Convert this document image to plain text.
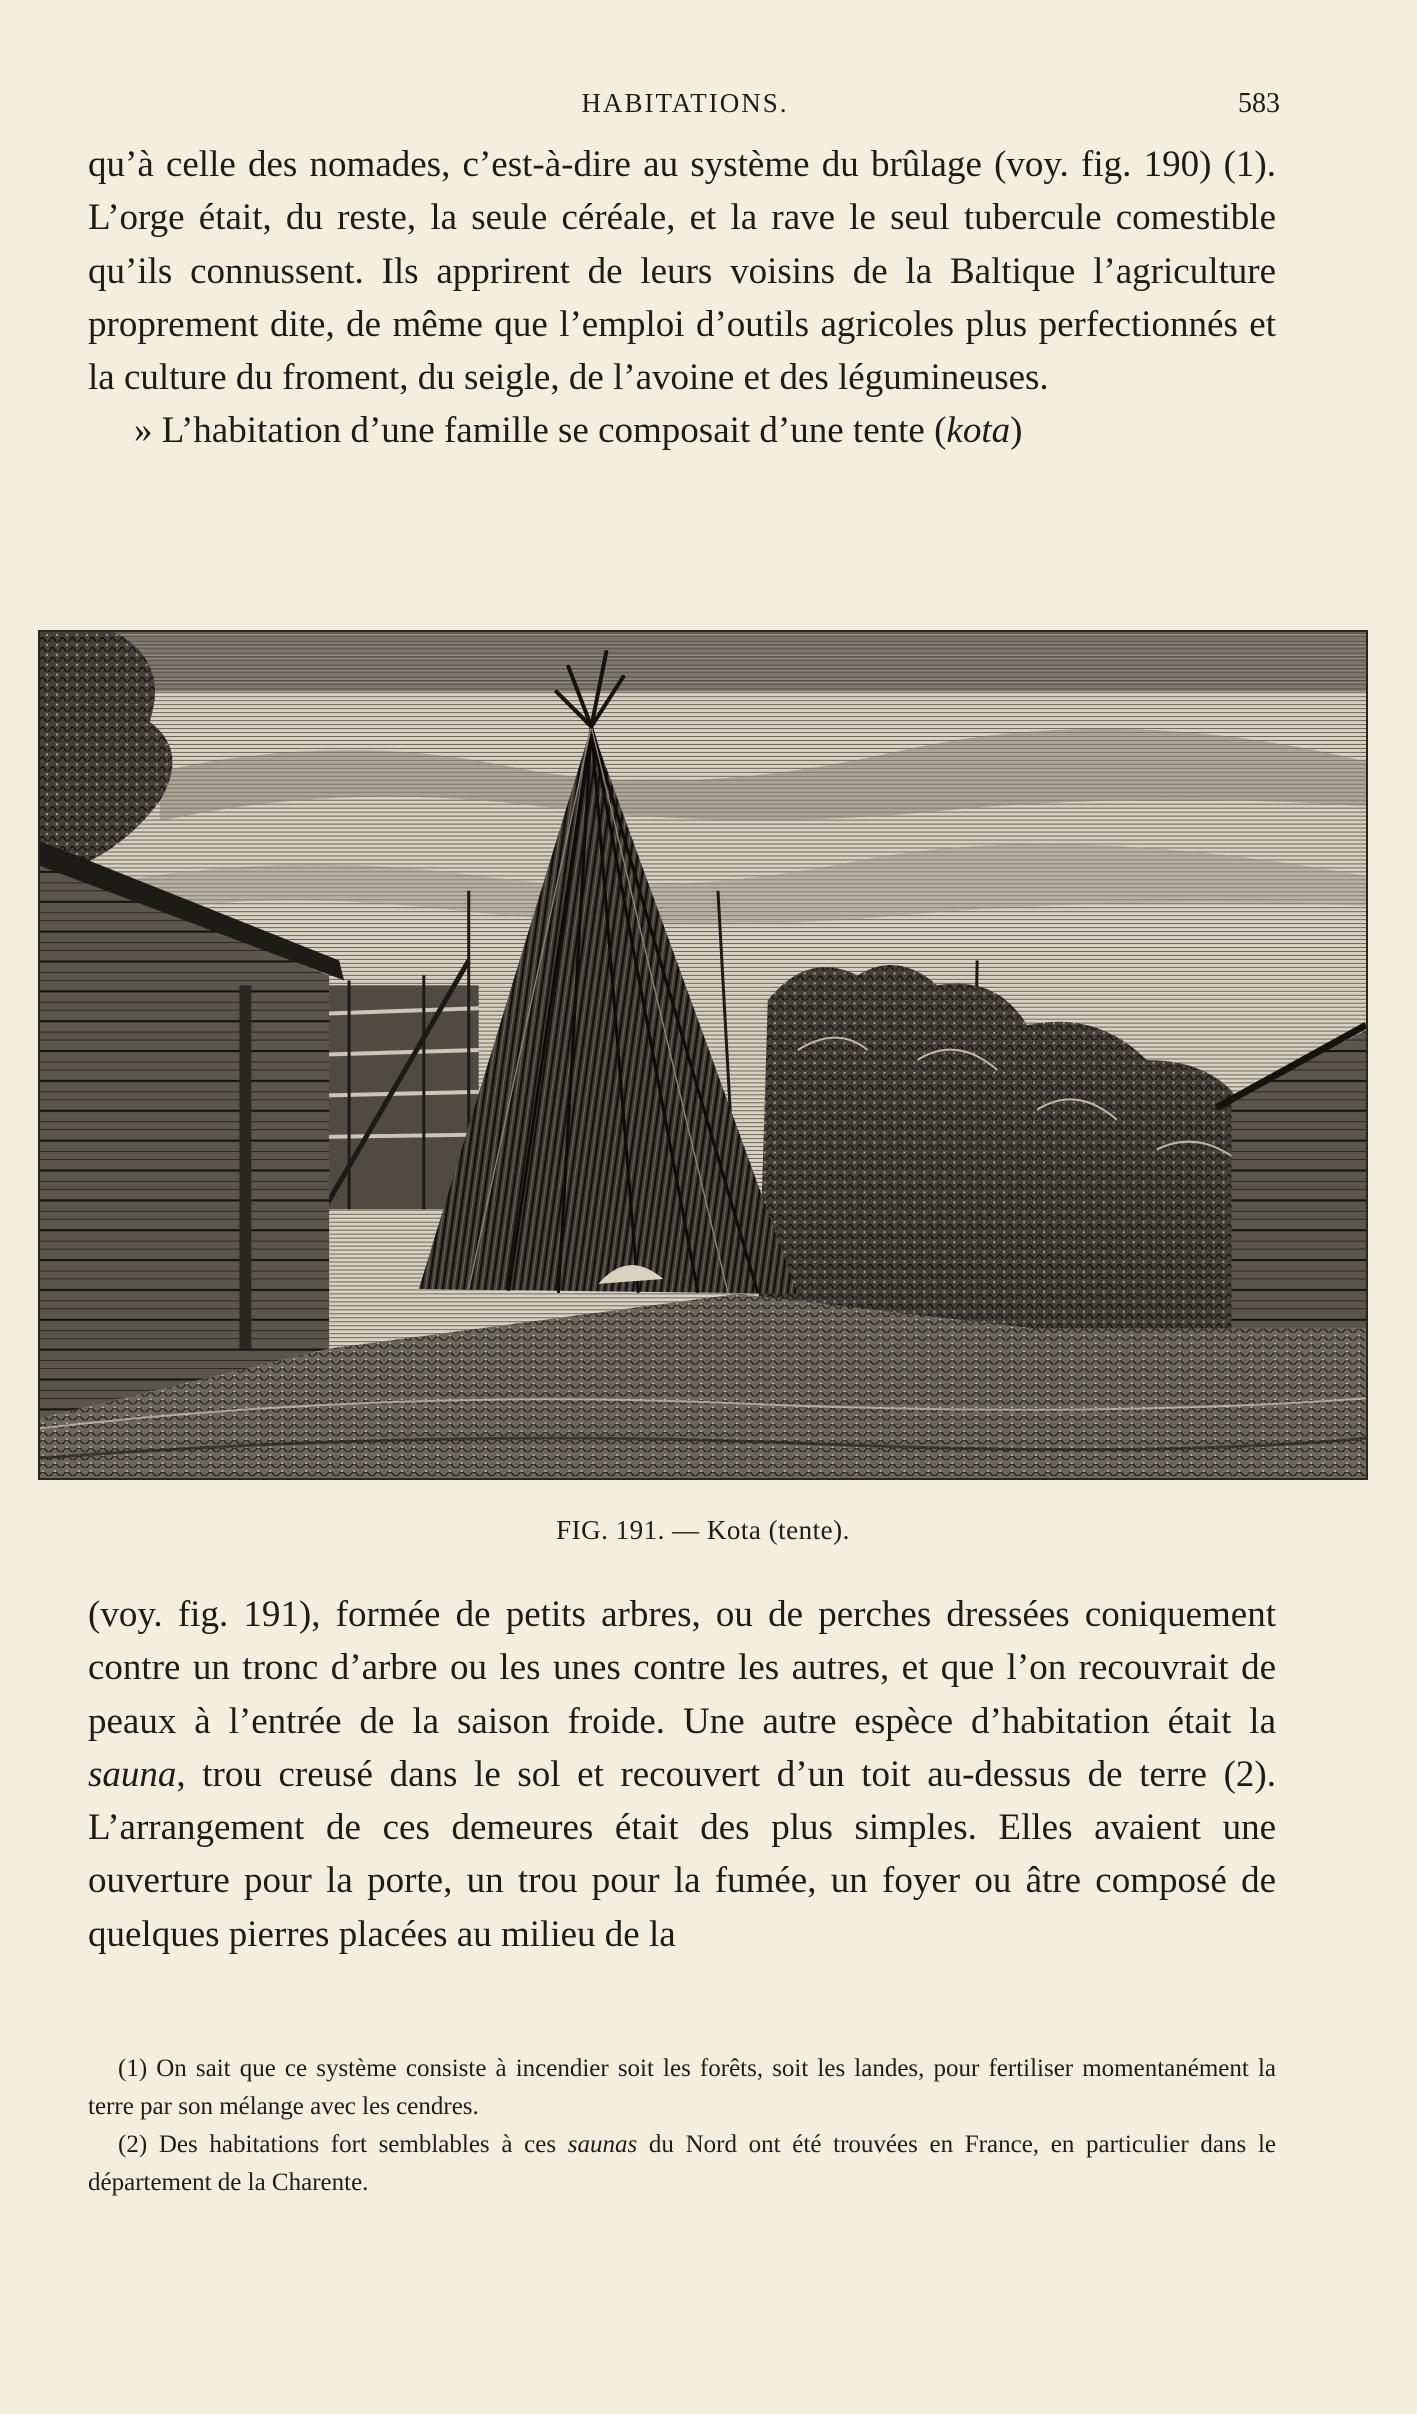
HABITATIONS.	583

qu’à celle des nomades, c’est-à-dire au système du brûlage (voy. fig. 190) (1). L’orge était, du reste, la seule céréale, et la rave le seul tubercule comestible qu’ils connussent. Ils apprirent de leurs voisins de la Baltique l’agriculture proprement dite, de même que l’emploi d’outils agricoles plus perfectionnés et la culture du froment, du seigle, de l’avoine et des légumineuses.

» L’habitation d’une famille se composait d’une tente (kota)

FIG. 191. — Kota (tente).

(voy. fig. 191), formée de petits arbres, ou de perches dressées coniquement contre un tronc d’arbre ou les unes contre les autres, et que l’on recouvrait de peaux à l’entrée de la saison froide. Une autre espèce d’habitation était la sauna, trou creusé dans le sol et recouvert d’un toit au-dessus de terre (2). L’arrangement de ces demeures était des plus simples. Elles avaient une ouverture pour la porte, un trou pour la fumée, un foyer ou âtre composé de quelques pierres placées au milieu de la

(1) On sait que ce système consiste à incendier soit les forêts, soit les landes, pour fertiliser momentanément la terre par son mélange avec les cendres.

(2) Des habitations fort semblables à ces saunas du Nord ont été trouvées en France, en particulier dans le département de la Charente.
